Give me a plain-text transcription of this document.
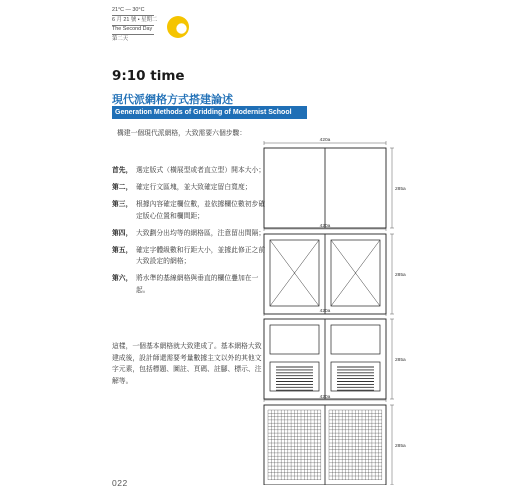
21°C — 30°C
6 月 21 號 • 星期二
The Second Day
第二天
9:10 time
現代派網格方式搭建論述
Generation Methods of Gridding of Modernist School
構建一個現代派網格，大致需要六個步驟：
首先， 選定版式（橫展型或者直立型）開本大小；
第二， 確定行文區塊，並大致確定留白寬度；
第三， 根據內容確定欄位數，並依據欄位數初步確定版心位置和欄間距；
第四， 大致劃分出均等的網格區，注意留出間隔；
第五， 確定字體級數和行距大小，並據此修正之前大致設定的網格；
第六， 將水準的基線網格與垂直的欄位疊加在一起。
這樣，一個基本網格就大致建成了。基本網格大致建成後，設計師還需要考量數據主文以外的其他文字元素，包括標題、圖註、頁碼、註腳、標示、注解等。
420a
285a
420a
285a
420a
285a
420a
285a
022
